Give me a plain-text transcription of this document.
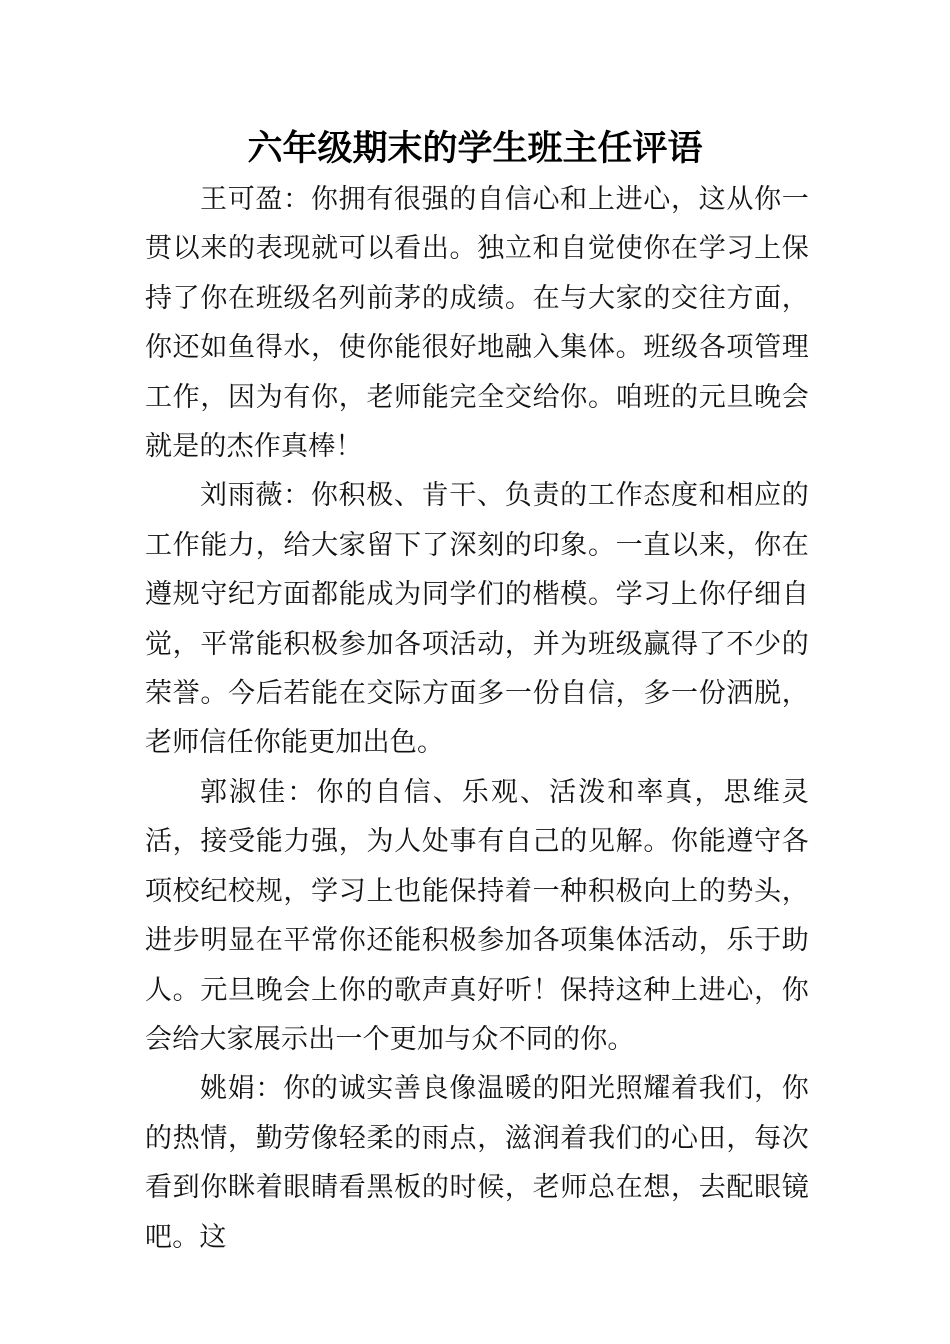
六年级期末的学生班主任评语

王可盈：你拥有很强的自信心和上进心，这从你一贯以来的表现就可以看出。独立和自觉使你在学习上保持了你在班级名列前茅的成绩。在与大家的交往方面，你还如鱼得水，使你能很好地融入集体。班级各项管理工作，因为有你，老师能完全交给你。咱班的元旦晚会就是的杰作真棒！

刘雨薇：你积极、肯干、负责的工作态度和相应的工作能力，给大家留下了深刻的印象。一直以来，你在遵规守纪方面都能成为同学们的楷模。学习上你仔细自觉，平常能积极参加各项活动，并为班级赢得了不少的荣誉。今后若能在交际方面多一份自信，多一份洒脱，老师信任你能更加出色。

郭淑佳：你的自信、乐观、活泼和率真，思维灵活，接受能力强，为人处事有自己的见解。你能遵守各项校纪校规，学习上也能保持着一种积极向上的势头，进步明显在平常你还能积极参加各项集体活动，乐于助人。元旦晚会上你的歌声真好听！保持这种上进心，你会给大家展示出一个更加与众不同的你。

姚娟：你的诚实善良像温暖的阳光照耀着我们，你的热情，勤劳像轻柔的雨点，滋润着我们的心田，每次看到你眯着眼睛看黑板的时候，老师总在想，去配眼镜吧。这
